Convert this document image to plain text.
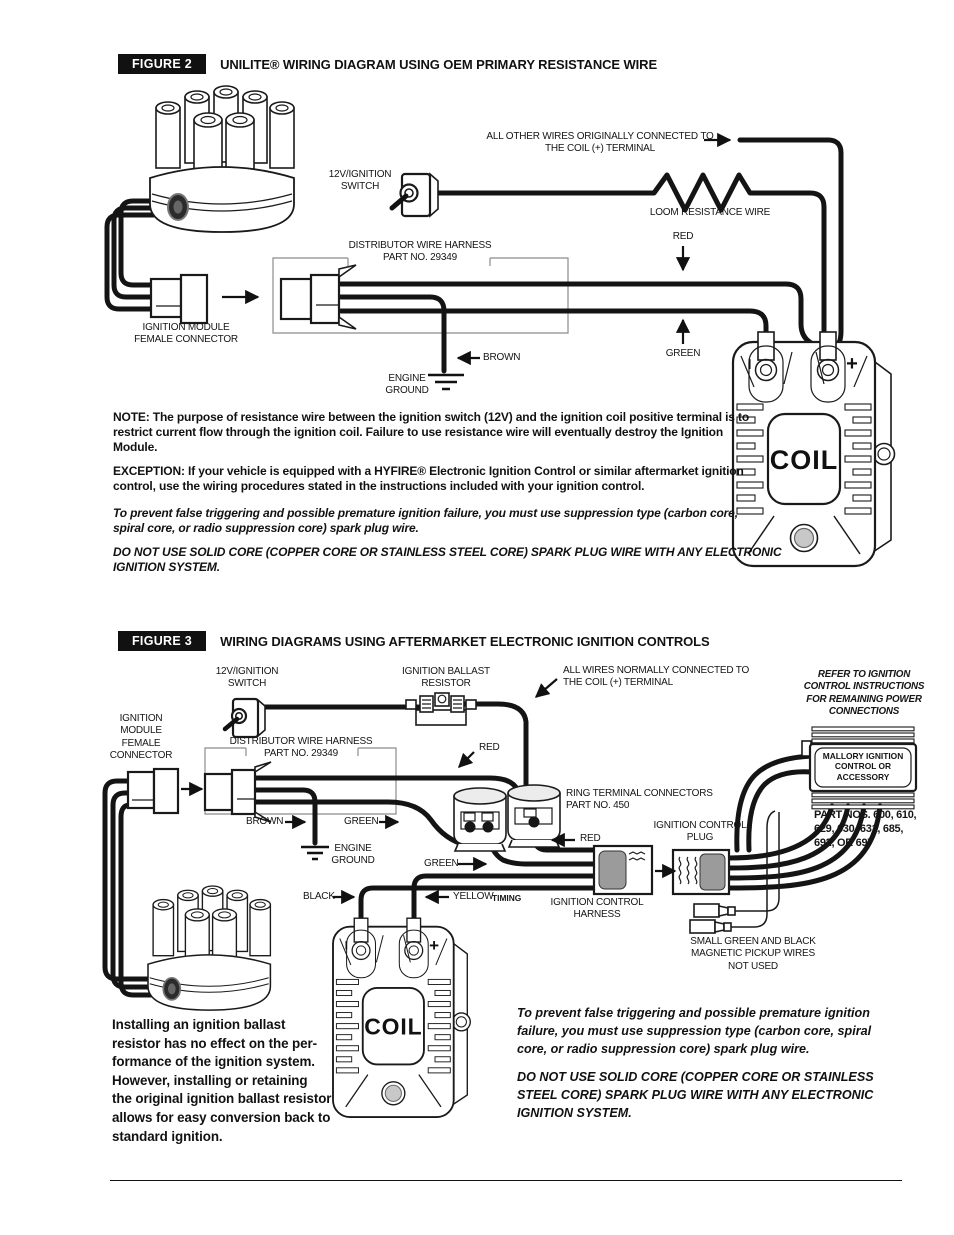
–	+
COIL
FIGURE 2	UNILITE® WIRING DIAGRAM USING OEM PRIMARY RESISTANCE WIRE
ALL OTHER WIRES ORIGINALLY CONNECTED TO
THE COIL (+) TERMINAL
12V/IGNITION
SWITCH
LOOM RESISTANCE WIRE
RED
DISTRIBUTOR WIRE HARNESS
PART NO. 29349
IGNITION MODULE
FEMALE CONNECTOR
BROWN
ENGINE
GROUND
GREEN
NOTE: The purpose of resistance wire between the ignition switch (12V) and the ignition coil positive terminal is to
restrict current flow through the ignition coil. Failure to use resistance wire will eventually destroy the Ignition
Module.
EXCEPTION: If your vehicle is equipped with a HYFIRE® Electronic Ignition Control or similar aftermarket ignition
control, use the wiring procedures stated in the instructions included with your ignition control.
To prevent false triggering and possible premature ignition failure, you must use suppression type (carbon core,
spiral core, or radio suppression core) spark plug wire.
DO NOT USE SOLID CORE (COPPER CORE OR STAINLESS STEEL CORE) SPARK PLUG WIRE WITH ANY ELECTRONIC
IGNITION SYSTEM.
FIGURE 3	WIRING DIAGRAMS USING AFTERMARKET ELECTRONIC IGNITION CONTROLS
12V/IGNITION
SWITCH
IGNITION BALLAST
RESISTOR
ALL WIRES NORMALLY CONNECTED TO
THE COIL (+) TERMINAL
REFER TO IGNITION
CONTROL INSTRUCTIONS
FOR REMAINING POWER
CONNECTIONS
IGNITION
MODULE
FEMALE
CONNECTOR
DISTRIBUTOR WIRE HARNESS
PART NO. 29349
RED
BROWN	GREEN
ENGINE
GROUND
RING TERMINAL CONNECTORS
PART NO. 450
RED
IGNITION CONTROL
PLUG
GREEN
BLACK	YELLOW
TIMING	IGNITION CONTROL
HARNESS
MALLORY IGNITION
CONTROL OR
ACCESSORY
PART NOS. 600, 610,
629, 630, 631, 685,
692, OR 697
SMALL GREEN AND BLACK
MAGNETIC PICKUP WIRES
NOT USED
Installing an ignition ballast
resistor has no effect on the per-
formance of the ignition system.
However, installing or retaining
the original ignition ballast resistor
allows for easy conversion back to
standard ignition.
To prevent false triggering and possible premature ignition
failure, you must use suppression type (carbon core, spiral
core, or radio suppression core) spark plug wire.
DO NOT USE SOLID CORE (COPPER CORE OR STAINLESS
STEEL CORE) SPARK PLUG WIRE WITH ANY ELECTRONIC
IGNITION SYSTEM.
